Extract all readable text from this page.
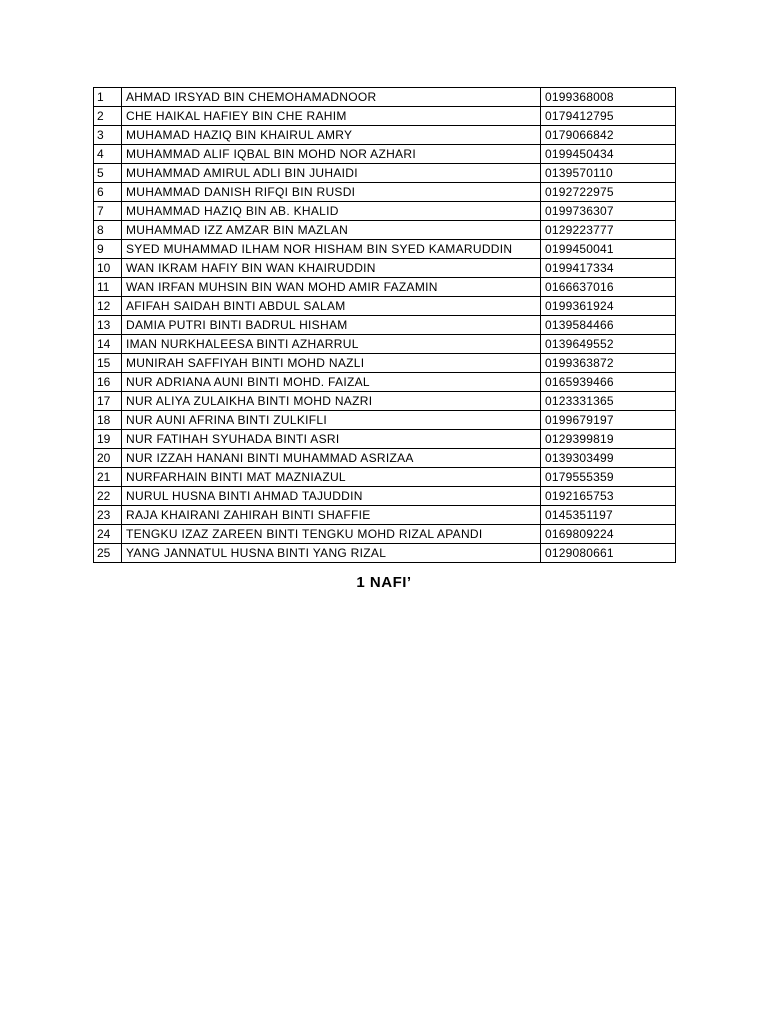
1	AHMAD IRSYAD BIN CHEMOHAMADNOOR	0199368008
2	CHE HAIKAL HAFIEY BIN CHE RAHIM	0179412795
3	MUHAMAD HAZIQ BIN KHAIRUL AMRY	0179066842
4	MUHAMMAD ALIF IQBAL BIN MOHD NOR AZHARI	0199450434
5	MUHAMMAD AMIRUL ADLI BIN JUHAIDI	0139570110
6	MUHAMMAD DANISH RIFQI BIN RUSDI	0192722975
7	MUHAMMAD HAZIQ BIN AB. KHALID	0199736307
8	MUHAMMAD IZZ AMZAR BIN MAZLAN	0129223777
9	SYED MUHAMMAD ILHAM NOR HISHAM BIN SYED KAMARUDDIN	0199450041
10	WAN IKRAM HAFIY BIN WAN KHAIRUDDIN	0199417334
11	WAN IRFAN MUHSIN BIN WAN MOHD AMIR FAZAMIN	0166637016
12	AFIFAH SAIDAH BINTI ABDUL SALAM	0199361924
13	DAMIA PUTRI BINTI BADRUL HISHAM	0139584466
14	IMAN NURKHALEESA BINTI AZHARRUL	0139649552
15	MUNIRAH SAFFIYAH BINTI MOHD NAZLI	0199363872
16	NUR ADRIANA AUNI BINTI MOHD. FAIZAL	0165939466
17	NUR ALIYA ZULAIKHA BINTI MOHD NAZRI	0123331365
18	NUR AUNI AFRINA BINTI ZULKIFLI	0199679197
19	NUR FATIHAH SYUHADA BINTI ASRI	0129399819
20	NUR IZZAH HANANI BINTI MUHAMMAD ASRIZAA	0139303499
21	NURFARHAIN BINTI MAT MAZNIAZUL	0179555359
22	NURUL HUSNA BINTI AHMAD TAJUDDIN	0192165753
23	RAJA KHAIRANI ZAHIRAH BINTI SHAFFIE	0145351197
24	TENGKU IZAZ ZAREEN BINTI TENGKU MOHD RIZAL APANDI	0169809224
25	YANG JANNATUL HUSNA BINTI YANG RIZAL	0129080661
1 NAFI’
